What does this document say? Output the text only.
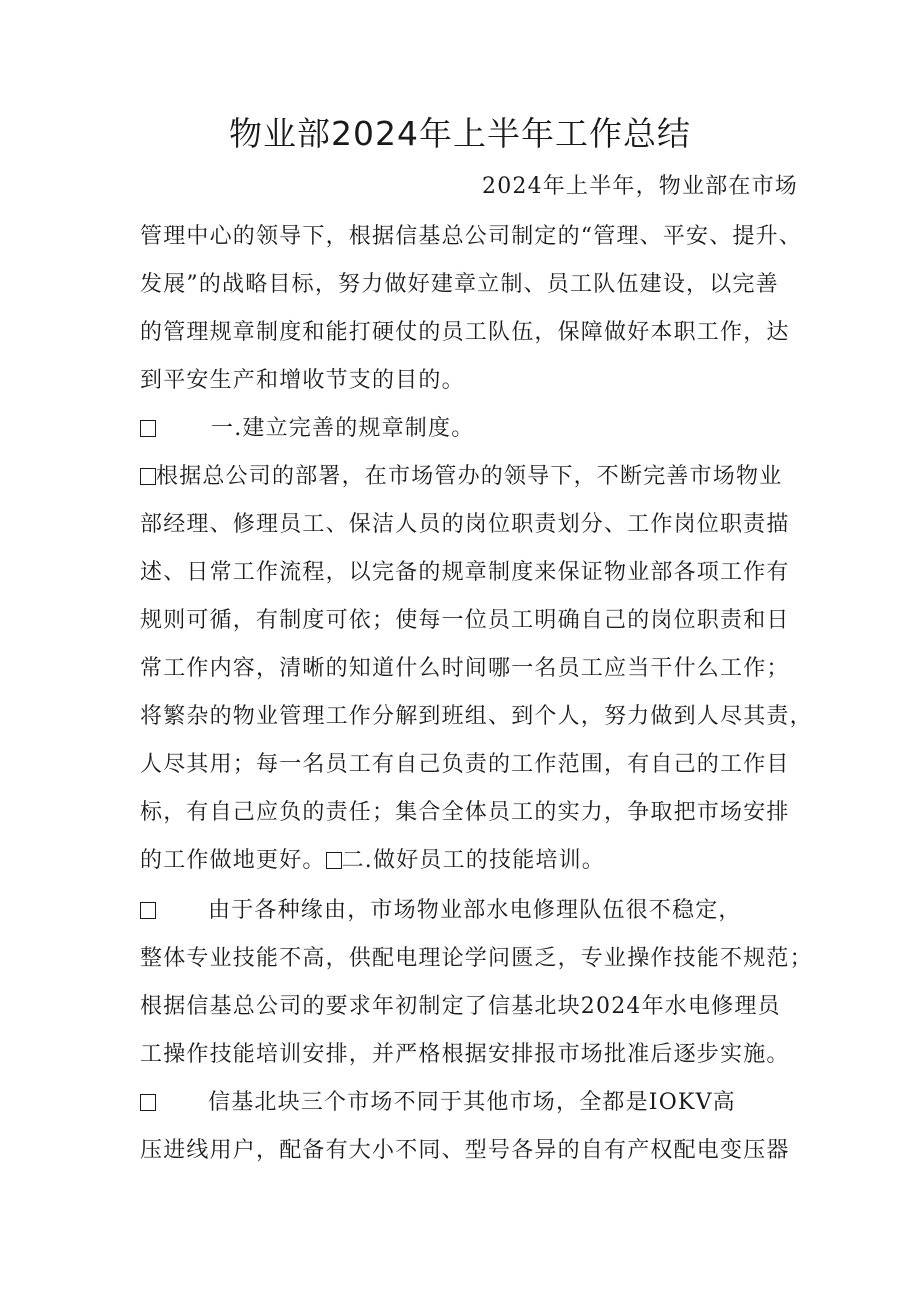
物业部2024年上半年工作总结
2024年上半年，物业部在市场
管理中心的领导下，根据信基总公司制定的“管理、平安、提升、
发展”的战略目标，努力做好建章立制、员工队伍建设，以完善
的管理规章制度和能打硬仗的员工队伍，保障做好本职工作，达
到平安生产和增收节支的目的。
一.建立完善的规章制度。
根据总公司的部署，在市场管办的领导下，不断完善市场物业
部经理、修理员工、保洁人员的岗位职责划分、工作岗位职责描
述、日常工作流程，以完备的规章制度来保证物业部各项工作有
规则可循，有制度可依；使每一位员工明确自己的岗位职责和日
常工作内容，清晰的知道什么时间哪一名员工应当干什么工作；
将繁杂的物业管理工作分解到班组、到个人，努力做到人尽其责，
人尽其用；每一名员工有自己负责的工作范围，有自己的工作目
标，有自己应负的责任；集合全体员工的实力，争取把市场安排
的工作做地更好。 二.做好员工的技能培训。
由于各种缘由，市场物业部水电修理队伍很不稳定，
整体专业技能不高，供配电理论学问匮乏，专业操作技能不规范；
根据信基总公司的要求年初制定了信基北块2024年水电修理员
工操作技能培训安排，并严格根据安排报市场批准后逐步实施。
信基北块三个市场不同于其他市场，全都是IOKV高
压进线用户，配备有大小不同、型号各异的自有产权配电变压器
